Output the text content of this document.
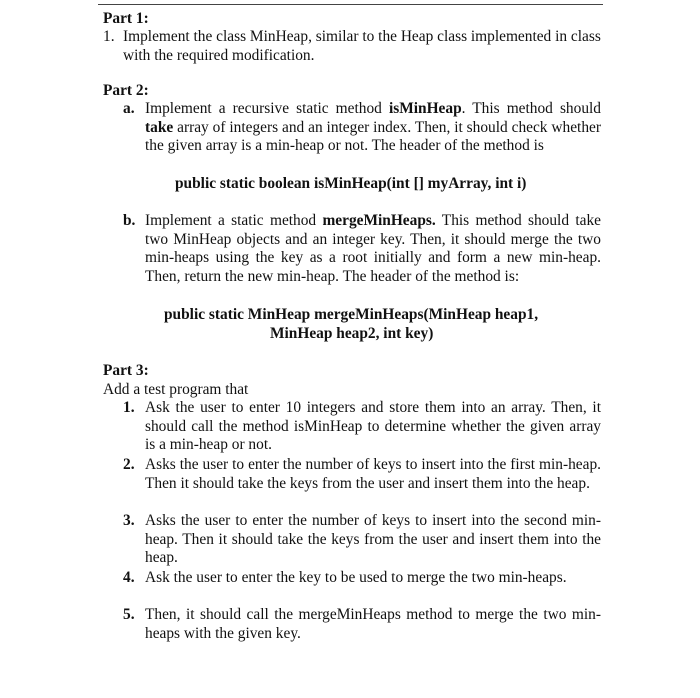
Part 1:
1. Implement the class MinHeap, similar to the Heap class implemented in class with the required modification.
Part 2:
a. Implement a recursive static method isMinHeap. This method should take array of integers and an integer index. Then, it should check whether the given array is a min-heap or not. The header of the method is
public static boolean isMinHeap(int [] myArray, int i)
b. Implement a static method mergeMinHeaps. This method should take two MinHeap objects and an integer key. Then, it should merge the two min-heaps using the key as a root initially and form a new min-heap. Then, return the new min-heap. The header of the method is:
public static MinHeap mergeMinHeaps(MinHeap heap1,
MinHeap heap2, int key)
Part 3:
Add a test program that
1. Ask the user to enter 10 integers and store them into an array. Then, it should call the method isMinHeap to determine whether the given array is a min-heap or not.
2. Asks the user to enter the number of keys to insert into the first min-heap. Then it should take the keys from the user and insert them into the heap.
3. Asks the user to enter the number of keys to insert into the second min-heap. Then it should take the keys from the user and insert them into the heap.
4. Ask the user to enter the key to be used to merge the two min-heaps.
5. Then, it should call the mergeMinHeaps method to merge the two min-heaps with the given key.
